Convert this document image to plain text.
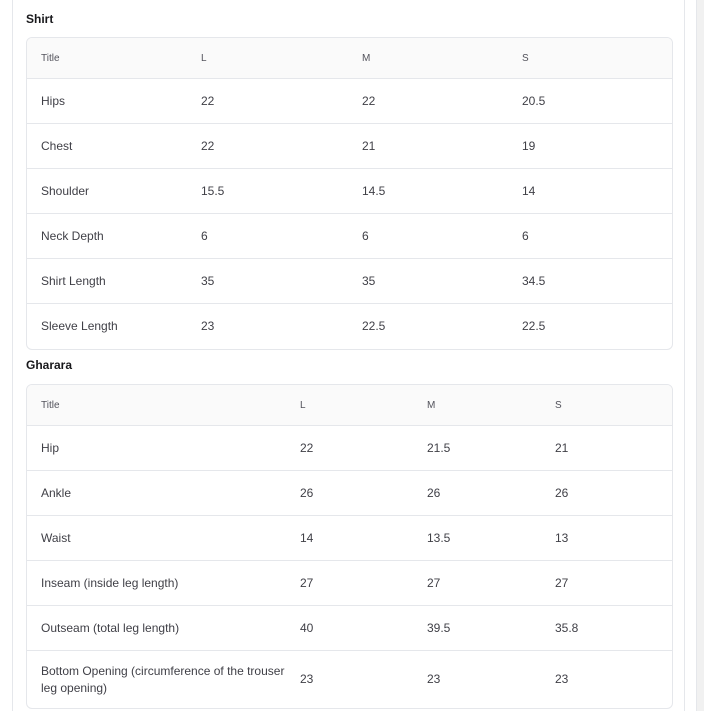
Shirt
Title	L	M	S
Hips	22	22	20.5
Chest	22	21	19
Shoulder	15.5	14.5	14
Neck Depth	6	6	6
Shirt Length	35	35	34.5
Sleeve Length	23	22.5	22.5
Gharara
Title	L	M	S
Hip	22	21.5	21
Ankle	26	26	26
Waist	14	13.5	13
Inseam (inside leg length)	27	27	27
Outseam (total leg length)	40	39.5	35.8
Bottom Opening (circumference of the trouser leg opening)	23	23	23
